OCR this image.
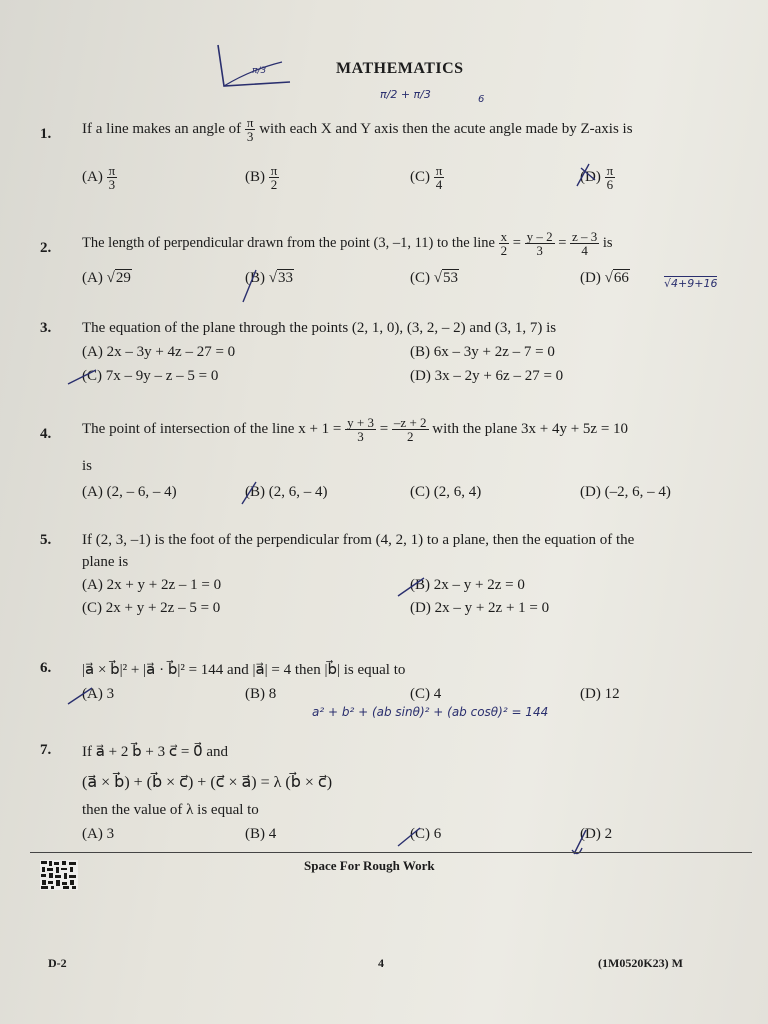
π/3	MATHEMATICS
π/2 + π/3	6
1. If a line makes an angle of $\frac{\pi}{3}$ with each X and Y axis then the acute angle made by Z-axis is
$(A) \frac{\pi}{3}$	$(B) \frac{\pi}{2}$	$(C) \frac{\pi}{4}$	$(D) \frac{\pi}{6}$
2. The length of perpendicular drawn from the point (3, –1, 11) to the line $\frac{x}{2} = \frac{y - 2}{3} = \frac{z - 3}{4}$ is
(A) √29	(B) √33	(C) √53	(D) √66	√4+9+16
3. The equation of the plane through the points (2, 1, 0), (3, 2, – 2) and (3, 1, 7) is
(A) 2x – 3y + 4z – 27 = 0	(B) 6x – 3y + 2z – 7 = 0
(C) 7x – 9y – z – 5 = 0	(D) 3x – 2y + 6z – 27 = 0
4. The point of intersection of the line $x + 1 = \frac{y + 3}{3} = \frac{-z + 2}{2}$ with the plane 3x + 4y + 5z = 10
is
(A) (2, – 6, – 4)	(B) (2, 6, – 4)	(C) (2, 6, 4)	(D) (–2, 6, – 4)
5. If (2, 3, –1) is the foot of the perpendicular from (4, 2, 1) to a plane, then the equation of the
plane is
(A) 2x + y + 2z – 1 = 0	(B) 2x – y + 2z = 0
(C) 2x + y + 2z – 5 = 0	(D) 2x – y + 2z + 1 = 0
6. |a⃗ × b⃗|² + |a⃗ · b⃗|² = 144 and |a⃗| = 4 then |b⃗| is equal to
(A) 3	(B) 8	(C) 4	(D) 12
a² + b² + (ab sinθ)² + (ab cosθ)² = 144
7. If a⃗ + 2 b⃗ + 3 c⃗ = 0⃗ and
(a⃗ × b⃗) + (b⃗ × c⃗) + (c⃗ × a⃗) = λ (b⃗ × c⃗)
then the value of λ is equal to
(A) 3	(B) 4	(C) 6	(D) 2
Space For Rough Work
D-2	4	(1M0520K23) M
